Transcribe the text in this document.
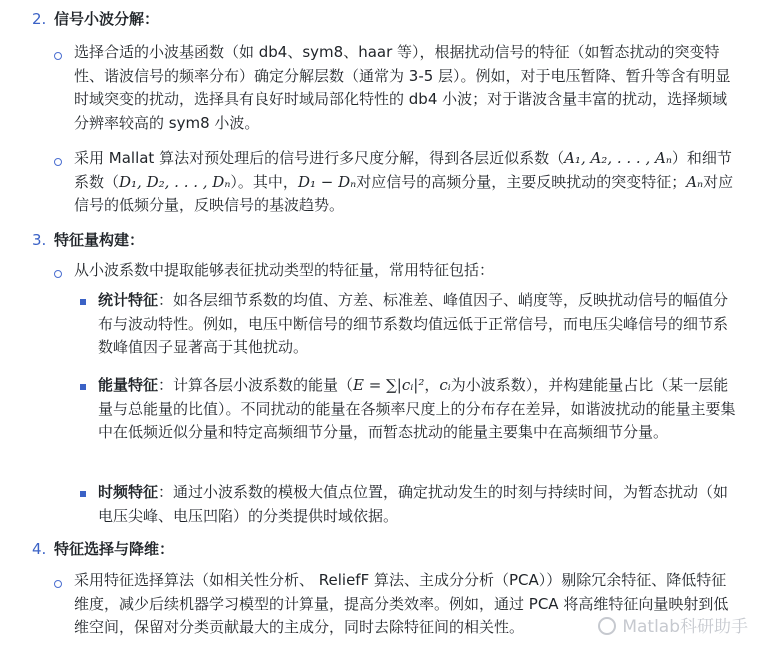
2. 信号小波分解：
选择合适的小波基函数（如 db4、sym8、haar 等），根据扰动信号的特征（如暂态扰动的突变特性、谐波信号的频率分布）确定分解层数（通常为 3-5 层）。例如，对于电压暂降、暂升等含有明显时域突变的扰动，选择具有良好时域局部化特性的 db4 小波；对于谐波含量丰富的扰动，选择频域分辨率较高的 sym8 小波。
采用 Mallat 算法对预处理后的信号进行多尺度分解，得到各层近似系数（A₁, A₂, . . . , Aₙ）和细节系数（D₁, D₂, . . . , Dₙ）。其中，D₁ − Dₙ对应信号的高频分量，主要反映扰动的突变特征；Aₙ对应信号的低频分量，反映信号的基波趋势。
3. 特征量构建：
从小波系数中提取能够表征扰动类型的特征量，常用特征包括：
统计特征：如各层细节系数的均值、方差、标准差、峰值因子、峭度等，反映扰动信号的幅值分布与波动特性。例如，电压中断信号的细节系数均值远低于正常信号，而电压尖峰信号的细节系数峰值因子显著高于其他扰动。
能量特征：计算各层小波系数的能量（E = ∑|cᵢ|²，cᵢ为小波系数），并构建能量占比（某一层能量与总能量的比值）。不同扰动的能量在各频率尺度上的分布存在差异，如谐波扰动的能量主要集中在低频近似分量和特定高频细节分量，而暂态扰动的能量主要集中在高频细节分量。
时频特征：通过小波系数的模极大值点位置，确定扰动发生的时刻与持续时间，为暂态扰动（如电压尖峰、电压凹陷）的分类提供时域依据。
4. 特征选择与降维：
采用特征选择算法（如相关性分析、 ReliefF 算法、主成分分析（PCA））剔除冗余特征、降低特征维度，减少后续机器学习模型的计算量，提高分类效率。例如，通过 PCA 将高维特征向量映射到低维空间，保留对分类贡献最大的主成分，同时去除特征间的相关性。	Matlab科研助手
